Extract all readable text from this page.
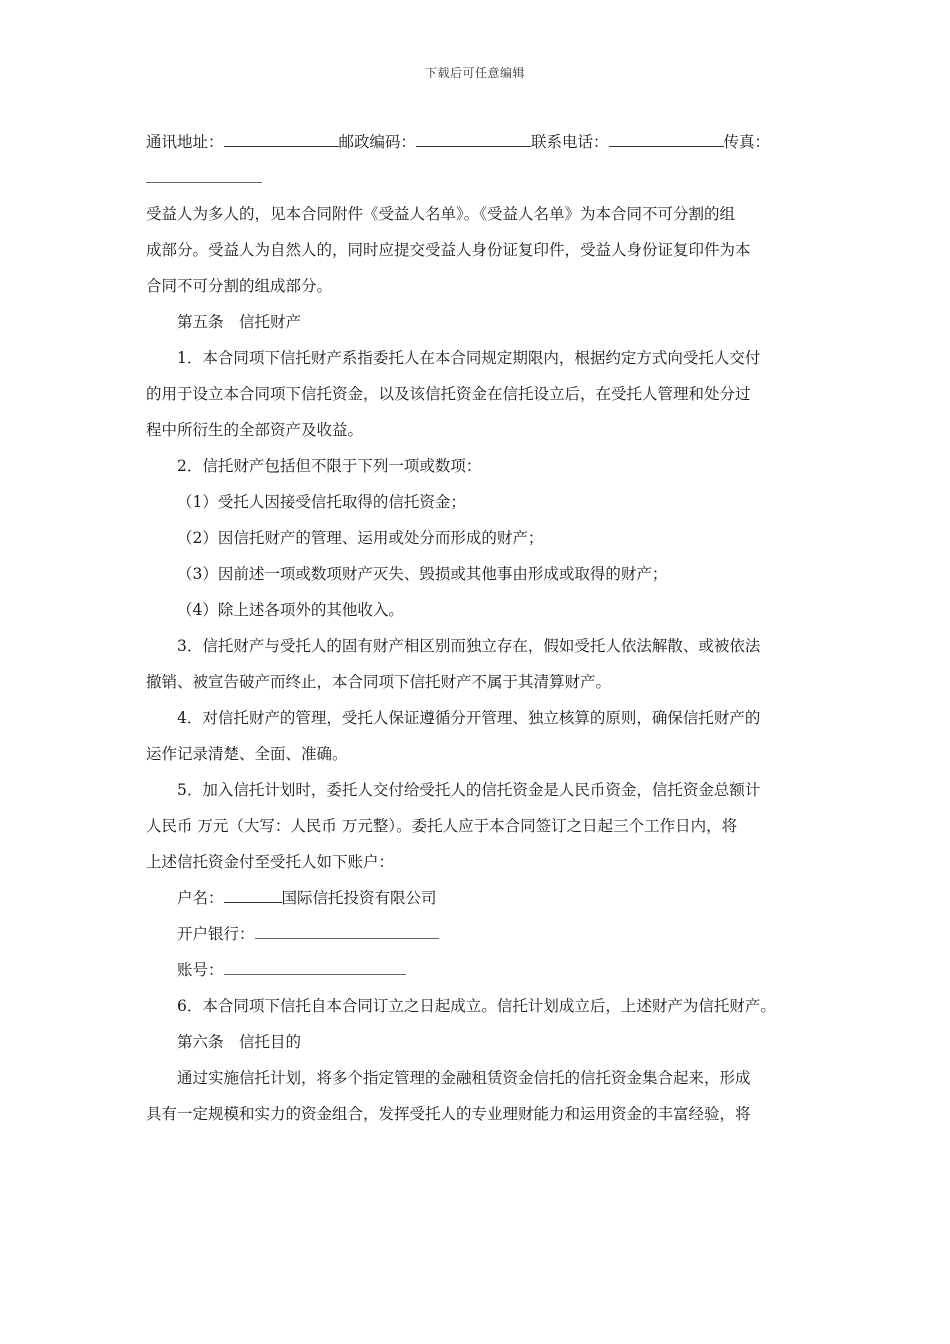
下载后可任意编辑
通讯地址：	邮政编码：	联系电话：	传真：
受益人为多人的，见本合同附件《受益人名单》。《受益人名单》为本合同不可分割的组
成部分。受益人为自然人的，同时应提交受益人身份证复印件，受益人身份证复印件为本
合同不可分割的组成部分。
第五条　信托财产
1．本合同项下信托财产系指委托人在本合同规定期限内，根据约定方式向受托人交付
的用于设立本合同项下信托资金，以及该信托资金在信托设立后，在受托人管理和处分过
程中所衍生的全部资产及收益。
2．信托财产包括但不限于下列一项或数项：
（1）受托人因接受信托取得的信托资金；
（2）因信托财产的管理、运用或处分而形成的财产；
（3）因前述一项或数项财产灭失、毁损或其他事由形成或取得的财产；
（4）除上述各项外的其他收入。
3．信托财产与受托人的固有财产相区别而独立存在，假如受托人依法解散、或被依法
撤销、被宣告破产而终止，本合同项下信托财产不属于其清算财产。
4．对信托财产的管理，受托人保证遵循分开管理、独立核算的原则，确保信托财产的
运作记录清楚、全面、准确。
5．加入信托计划时，委托人交付给受托人的信托资金是人民币资金，信托资金总额计
人民币 万元（大写：人民币 万元整）。委托人应于本合同签订之日起三个工作日内，将
上述信托资金付至受托人如下账户：
户名：	国际信托投资有限公司
开户银行：
账号：
6．本合同项下信托自本合同订立之日起成立。信托计划成立后，上述财产为信托财产。
第六条　信托目的
通过实施信托计划，将多个指定管理的金融租赁资金信托的信托资金集合起来，形成
具有一定规模和实力的资金组合，发挥受托人的专业理财能力和运用资金的丰富经验，将
